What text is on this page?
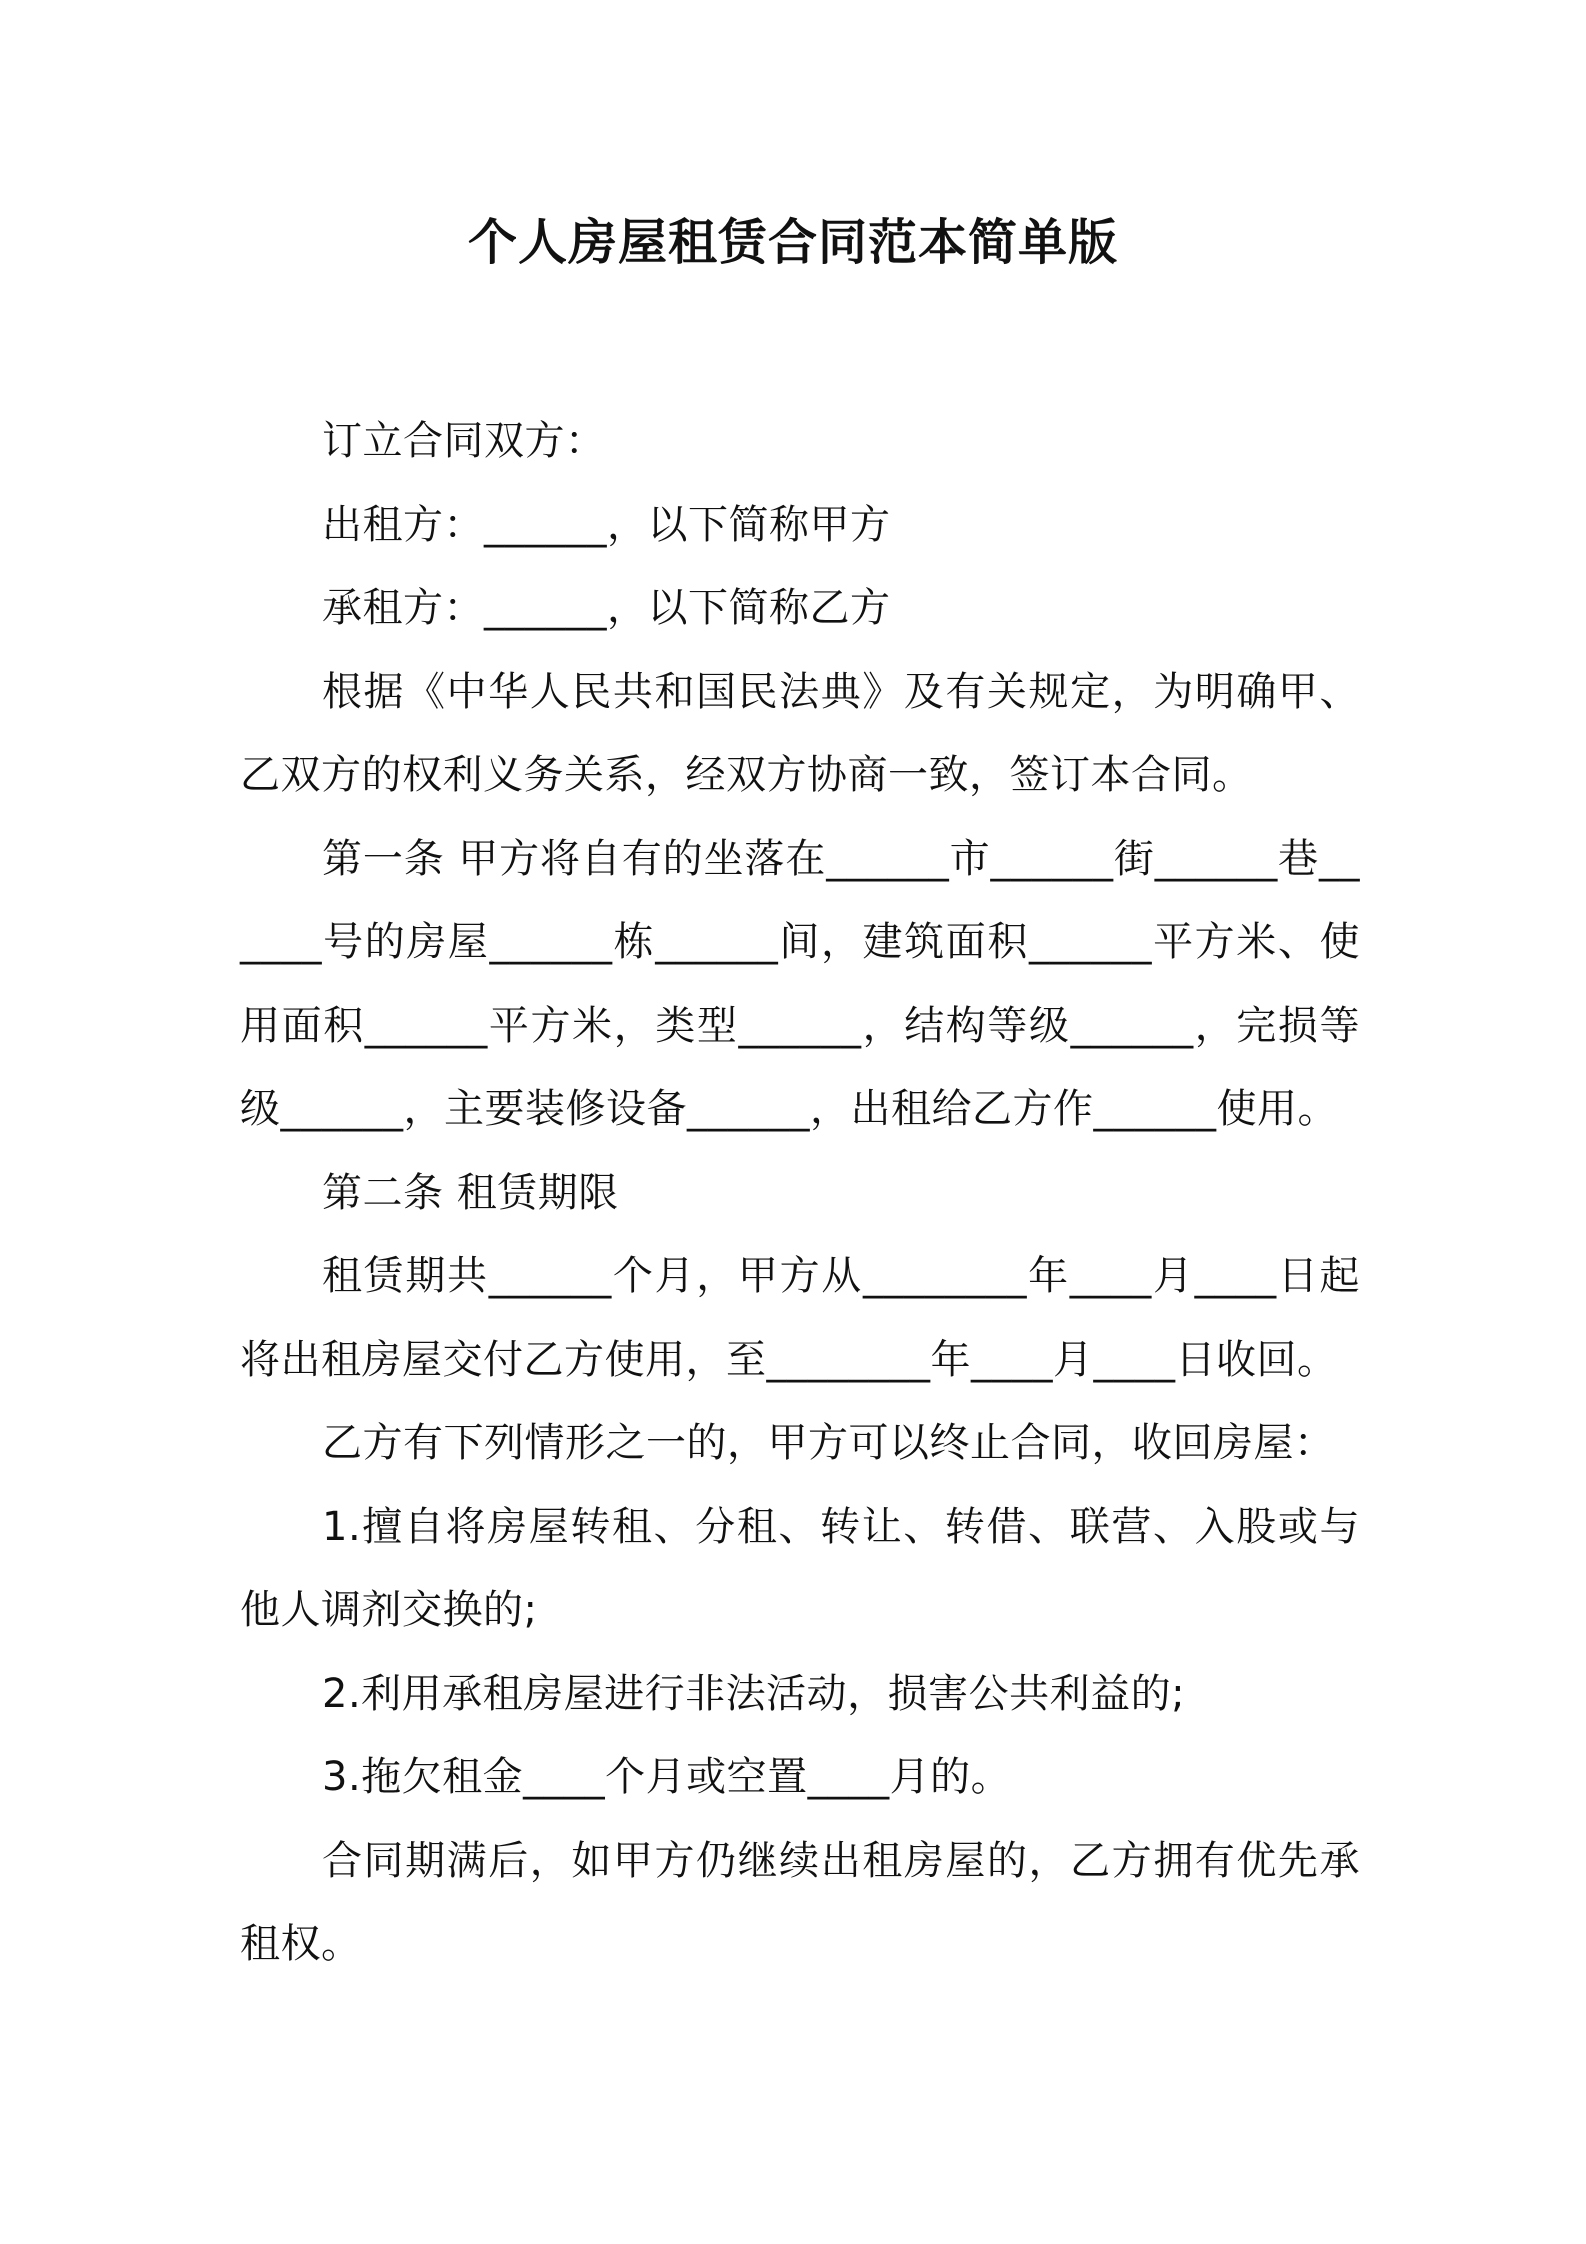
个人房屋租赁合同范本简单版

订立合同双方：

出租方：______，以下简称甲方

承租方：______，以下简称乙方

根据《中华人民共和国民法典》及有关规定，为明确甲、乙双方的权利义务关系，经双方协商一致，签订本合同。

第一条 甲方将自有的坐落在______市______街______巷______号的房屋______栋______间，建筑面积______平方米、使用面积______平方米，类型______，结构等级______，完损等级______，主要装修设备______，出租给乙方作______使用。

第二条 租赁期限

租赁期共______个月，甲方从________年____月____日起将出租房屋交付乙方使用，至________年____月____日收回。

乙方有下列情形之一的，甲方可以终止合同，收回房屋：

1.擅自将房屋转租、分租、转让、转借、联营、入股或与他人调剂交换的;

2.利用承租房屋进行非法活动，损害公共利益的;

3.拖欠租金____个月或空置____月的。

合同期满后，如甲方仍继续出租房屋的，乙方拥有优先承租权。
